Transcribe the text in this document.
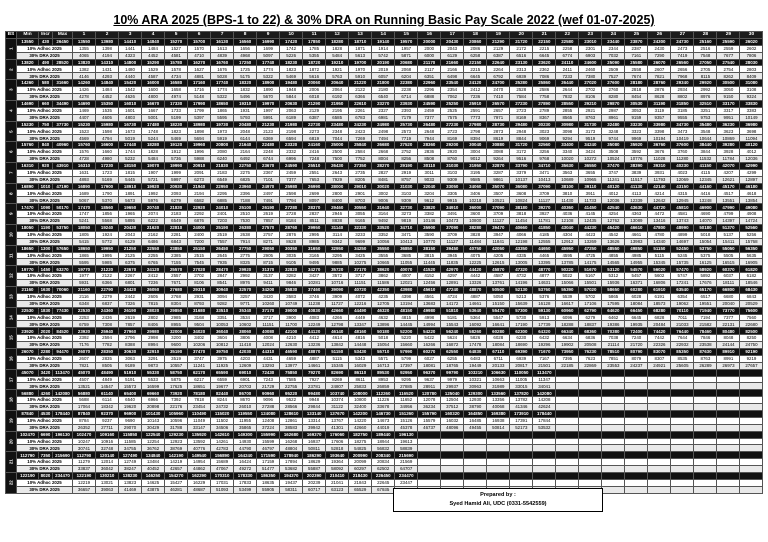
10% ARA 2025 (BPS-1 to 22) & 30% DRA on Running Basic Pay Scale 2022 (wef 01-07-2025)
BS	Min	Incr	Max	1	2	3	4	5	6	7	8	9	10	11	12	13	14	15	16	17	18	19	20	21	22	23	24	25	26	27	28	29	30
1	13550	430	26450	13550	13980	14410	14840	15270	15700	16130	16560	16990	17420	17850	18280	18710	19140	19570	20000	20430	20860	21290	21720	22150	22580	23010	23440	23870	24300	24730	25160	25590	26020
	10% Adhoc 2025			1355	1398	1441	1484	1527	1570	1613	1656	1699	1742	1785	1828	1871	1914	1957	2000	2043	2086	2129	2172	2215	2258	2301	2344	2387	2430	2473	2516	2559	2602
	30% DRA 2025			4065	4194	4323	4452	4581	4710	4839	4968	5097	5226	5355	5484	5613	5742	5871	6000	6129	6258	6387	6516	6645	6774	6903	7032	7161	7290	7419	7548	7677	7806
2	13820	490	28520	13820	14310	14800	15290	15780	16270	16760	17250	17740	18230	18720	19210	19700	20190	20680	21170	21660	22150	22640	23130	23620	24110	24600	25090	25580	26070	26560	27050	27540	28030
	10% Adhoc 2025			1382	1431	1480	1529	1578	1627	1676	1725	1774	1823	1872	1921	1970	2019	2068	2117	2166	2215	2264	2313	2362	2411	2460	2509	2558	2607	2656	2705	2754	2803
	30% DRA 2025			4146	4293	4440	4587	4734	4881	5028	5175	5322	5469	5616	5763	5910	6057	6204	6351	6498	6645	6792	6939	7086	7233	7380	7527	7674	7821	7968	8115	8262	8409
3	14260	580	31660	14260	14840	15420	16000	16580	17160	17740	18320	18900	19480	20060	20640	21220	21800	22380	22960	23540	24120	24700	25280	25860	26440	27020	27600	28180	28760	29340	29920	30500	31080
	10% Adhoc 2025			1426	1484	1542	1600	1658	1716	1774	1832	1890	1948	2006	2064	2122	2180	2238	2296	2354	2412	2470	2528	2586	2644	2702	2760	2818	2876	2934	2992	3050	3108
	30% DRA 2025			4278	4452	4626	4800	4974	5148	5322	5496	5670	5844	6018	6192	6366	6540	6714	6888	7062	7236	7410	7584	7758	7932	8106	8280	8454	8628	8802	8976	9150	9324
4	14690	660	34490	14690	15350	16010	16670	17330	17990	18650	19310	19970	20630	21290	21950	22610	23270	23930	24590	25250	25910	26570	27230	27890	28550	29210	29870	30530	31190	31850	32510	33170	33830
	10% Adhoc 2025			1469	1535	1601	1667	1733	1799	1865	1931	1997	2063	2129	2195	2261	2327	2393	2459	2525	2591	2657	2723	2789	2855	2921	2987	3053	3119	3185	3251	3317	3383
	30% DRA 2025			4407	4605	4803	5001	5199	5397	5595	5793	5991	6189	6387	6585	6783	6981	7179	7377	7575	7773	7971	8169	8367	8565	8763	8961	9159	9357	9555	9753	9951	10149
5	15230	750	37730	15230	15980	16730	17480	18230	18980	19730	20480	21230	21980	22730	23480	24230	24980	25730	26480	27230	27980	28730	29480	30230	30980	31730	32480	33230	33980	34730	35480	36230	36980
	10% Adhoc 2025			1523	1598	1673	1748	1823	1898	1973	2048	2123	2198	2273	2348	2423	2498	2573	2648	2723	2798	2873	2948	3023	3098	3173	3248	3323	3398	3473	3548	3623	3698
	30% DRA 2025			4569	4794	5019	5244	5469	5694	5919	6144	6369	6594	6819	7044	7269	7494	7719	7944	8169	8394	8619	8844	9069	9294	9519	9744	9969	10194	10419	10644	10869	11094
6	15760	840	40960	15760	16600	17440	18280	19120	19960	20800	21640	22480	23320	24160	25000	25840	26680	27520	28360	29200	30040	30880	31720	32560	33400	34240	35080	35920	36760	37600	38440	39280	40120
	10% Adhoc 2025			1576	1660	1744	1828	1912	1996	2080	2164	2248	2332	2416	2500	2584	2668	2752	2836	2920	3004	3088	3172	3256	3340	3424	3508	3592	3676	3760	3844	3928	4012
	30% DRA 2025			4728	4980	5232	5484	5736	5988	6240	6492	6744	6996	7248	7500	7752	8004	8256	8508	8760	9012	9264	9516	9768	10020	10272	10524	10776	11028	11280	11532	11784	12036
7	16310	920	43910	16310	17230	18150	19070	19990	20910	21830	22750	23670	24590	25510	26430	27350	28270	29190	30110	31030	31950	32870	33790	34710	35630	36550	37470	38390	39310	40230	41150	42070	42990
	10% Adhoc 2025			1631	1723	1815	1907	1999	2091	2183	2275	2367	2459	2551	2643	2735	2827	2919	3011	3103	3195	3287	3379	3471	3563	3655	3747	3839	3931	4023	4115	4207	4299
	30% DRA 2025			4893	5169	5445	5721	5997	6273	6549	6825	7101	7377	7653	7929	8205	8481	8757	9033	9309	9585	9861	10137	10413	10689	10965	11241	11517	11793	12069	12345	12621	12897
8	16890	1010	47190	16890	17900	18910	19920	20930	21940	22950	23960	24970	25980	26990	28000	29010	30020	31030	32040	33050	34060	35070	36080	37090	38100	39110	40120	41130	42140	43150	44160	45170	46180
	10% Adhoc 2025			1689	1790	1891	1992	2093	2194	2295	2396	2497	2598	2699	2800	2901	3002	3103	3204	3305	3406	3507	3608	3709	3810	3911	4012	4113	4214	4315	4416	4517	4618
	30% DRA 2025			5067	5370	5673	5976	6279	6582	6885	7188	7491	7794	8097	8400	8703	9006	9309	9612	9915	10218	10521	10824	11127	11430	11733	12036	12339	12642	12945	13248	13551	13854
9	17470	1090	50170	17470	18560	19650	20740	21830	22920	24010	25100	26190	27280	28370	29460	30550	31640	32730	33820	34910	36000	37090	38180	39270	40360	41450	42540	43630	44720	45810	46900	47990	49080
	10% Adhoc 2025			1747	1856	1965	2074	2183	2292	2401	2510	2619	2728	2837	2946	3055	3164	3273	3382	3491	3600	3709	3818	3927	4036	4145	4254	4363	4472	4581	4690	4799	4908
	30% DRA 2025			5241	5568	5895	6222	6549	6876	7203	7530	7857	8184	8511	8838	9165	9492	9819	10146	10473	10800	11127	11454	11781	12108	12435	12762	13089	13416	13743	14070	14397	14724
10	18050	1190	53750	18050	19240	20430	21620	22810	24000	25190	26380	27570	28760	29950	31140	32330	33520	34710	35900	37090	38280	39470	40660	41850	43040	44230	45420	46610	47800	48990	50180	51370	52560
	10% Adhoc 2025			1805	1924	2043	2162	2281	2400	2519	2638	2757	2876	2995	3114	3233	3352	3471	3590	3709	3828	3947	4066	4185	4304	4423	4542	4661	4780	4899	5018	5137	5256
	30% DRA 2025			5415	5772	6129	6486	6843	7200	7557	7914	8271	8628	8985	9342	9699	10056	10413	10770	11127	11484	11841	12198	12555	12912	13269	13626	13983	14340	14697	15054	15411	15768
11	18650	1300	57650	18650	19950	21250	22550	23850	25150	26450	27750	29050	30350	31650	32950	34250	35550	36850	38150	39450	40750	42050	43350	44650	45950	47250	48550	49850	51150	52450	53750	55050	56350
	10% Adhoc 2025			1865	1995	2125	2255	2385	2515	2645	2775	2905	3035	3165	3295	3425	3555	3685	3815	3945	4075	4205	4335	4465	4595	4725	4855	4985	5115	5245	5375	5505	5635
	30% DRA 2025			5595	5985	6375	6765	7155	7545	7935	8325	8715	9105	9495	9885	10275	10665	11055	11445	11835	12225	12615	13005	13395	13785	14175	14565	14955	15345	15735	16125	16515	16905
12	19770	1450	63270	19770	21220	22670	24120	25570	27020	28470	29920	31370	32820	34270	35720	37170	38620	40070	41520	42970	44420	45870	47320	48770	50220	51670	53120	54570	56020	57470	58920	60370	61820
	10% Adhoc 2025			1977	2122	2267	2412	2557	2702	2847	2992	3137	3282	3427	3572	3717	3862	4007	4152	4297	4442	4587	4732	4877	5022	5167	5312	5457	5602	5747	5892	6037	6182
	30% DRA 2025			5931	6366	6801	7236	7671	8106	8541	8976	9411	9846	10281	10716	11151	11586	12021	12456	12891	13326	13761	14196	14631	15066	15501	15936	16371	16806	17241	17676	18111	18546
13	21160	1630	70060	21160	22790	24420	26050	27680	29310	30940	32570	34200	35830	37460	39090	40720	42350	43980	45610	47240	48870	50500	52130	53760	55390	57020	58650	60280	61910	63540	65170	66800	68430
	10% Adhoc 2025			2116	2279	2442	2605	2768	2931	3094	3257	3420	3583	3746	3909	4072	4235	4398	4561	4724	4887	5050	5213	5376	5539	5702	5865	6028	6191	6354	6517	6680	6843
	30% DRA 2025			6348	6837	7326	7815	8304	8793	9282	9771	10260	10749	11238	11727	12216	12705	13194	13683	14172	14661	15150	15639	16128	16617	17106	17595	18084	18573	19062	19551	20040	20529
14	22530	1830	77430	22530	24360	26190	28020	29850	31680	33510	35340	37170	39000	40830	42660	44490	46320	48150	49980	51810	53640	55470	57300	59130	60960	62790	64620	66450	68280	70110	71940	73770	75600
	10% Adhoc 2025			2253	2436	2619	2802	2985	3168	3351	3534	3717	3900	4083	4266	4449	4632	4815	4998	5181	5364	5547	5730	5913	6096	6279	6462	6645	6828	7011	7194	7377	7560
	30% DRA 2025			6759	7308	7857	8406	8955	9504	10053	10602	11151	11700	12249	12798	13347	13896	14445	14994	15543	16092	16641	17190	17739	18288	18837	19386	19935	20484	21033	21582	22131	22680
15	23920	2020	84520	23920	25940	27960	29980	32000	34020	36040	38060	40080	42100	44120	46140	48160	50180	52200	54220	56240	58260	60280	62300	64320	66340	68360	70380	72400	74420	76440	78460	80480	82500
	10% Adhoc 2025			2392	2594	2796	2998	3200	3402	3604	3806	4008	4210	4412	4614	4816	5018	5220	5422	5624	5826	6028	6230	6432	6634	6836	7038	7240	7442	7644	7846	8048	8250
	30% DRA 2025			7176	7782	8388	8994	9600	10206	10812	11418	12024	12630	13236	13842	14448	15054	15660	16266	16872	17478	18084	18690	19296	19902	20508	21114	21720	22326	22932	23538	24144	24750
16	26070	2280	94470	26070	28350	30630	32910	35190	37470	39750	42030	44310	46590	48870	51150	53430	55710	57990	60270	62550	64830	67110	69390	71670	73950	76230	78510	80790	83070	85350	87630	89910	92190
	10% Adhoc 2025			2607	2835	3063	3291	3519	3747	3975	4203	4431	4659	4887	5115	5343	5571	5799	6027	6255	6483	6711	6939	7167	7395	7623	7851	8079	8307	8535	8763	8991	9219
	30% DRA 2025			7821	8505	9189	9873	10557	11241	11925	12609	13293	13977	14661	15345	16029	16713	17397	18081	18765	19449	20133	20817	21501	22185	22869	23553	24237	24921	25605	26289	26973	27657
17	45070	3420	113470	45070	48490	51910	55330	58750	62170	65590	69010	72430	75850	79270	82690	86110	89530	92950	96370	99790	103210	106630	110050	113470									
	10% Adhoc 2025			4507	4849	5191	5533	5875	6217	6559	6901	7243	7585	7927	8269	8611	8953	9295	9637	9979	10321	10663	11005	11347									
	30% DRA 2025			13521	14547	15573	16599	17625	18651	19677	20703	21729	22755	23781	24807	25833	26859	27885	28911	29937	30963	31989	33015	34041									
18	56880	4260	142080	56880	61140	65400	69660	73920	78180	82440	86700	90960	95220	99480	103740	108000	112260	116520	120780	125040	129300	133560	137820	142080									
	10% Adhoc 2025			5688	6114	6540	6966	7392	7818	8244	8670	9096	9522	9948	10374	10800	11226	11652	12078	12504	12930	13356	13782	14208									
	30% DRA 2025			17064	18342	19620	20898	22176	23454	24732	26010	27288	28566	29844	31122	32400	33678	34956	36234	37512	38790	40068	41346	42624									
19	87840	4530	178440	87840	92370	96900	101430	105960	110490	115020	119550	124080	128610	133140	137670	142200	146730	151260	155790	160320	164850	169380	173910	178440									
	10% Adhoc 2025			8784	9237	9690	10143	10596	11049	11502	11955	12408	12861	13314	13767	14220	14673	15126	15579	16032	16485	16938	17391	17844									
	30% DRA 2025			26352	27711	29070	30429	31788	33147	34506	35865	37224	38583	39942	41301	42660	44019	45378	46737	48096	49455	50814	52173	53532									
20	102470	6690	196130	102470	109160	115850	122540	129230	135920	142610	149300	155990	162680	169370	176060	182750	189440	196130															
	10% Adhoc 2025			10247	10916	11585	12254	12923	13592	14261	14930	15599	16268	16937	17606	18275	18944	19613															
	30% DRA 2025			30741	32748	34755	36762	38769	40776	42783	44790	46797	48804	50811	52818	54825	56832	58839															
21	112790	7350	215690	112790	120140	127490	134840	142190	149540	156890	164240	171590	178940	186290	193640	200990	208340	215690															
	10% Adhoc 2025			11279	12014	12749	13484	14219	14954	15689	16424	17159	17894	18629	19364	20099	20834	21569															
	30% DRA 2025			33837	36042	38247	40452	42657	44862	47067	49272	51477	53682	55887	58092	60297	62502	64707															
22	122190	8020	234470	122190	130210	138230	146250	154270	162290	170310	178330	186350	194370	202390	210410	218430	226450	234470															
	10% Adhoc 2025			12219	13021	13823	14625	15427	16229	17031	17833	18635	19437	20239	21041	21843	22645	23447															
	30% DRA 2025			36657	39063	41469	43875	46281	48687	51093	53499	55905	58311	60717	63123	65529	67935																
Prepared by :
Syed Hamid Ali, UDC (0331-5542559)
